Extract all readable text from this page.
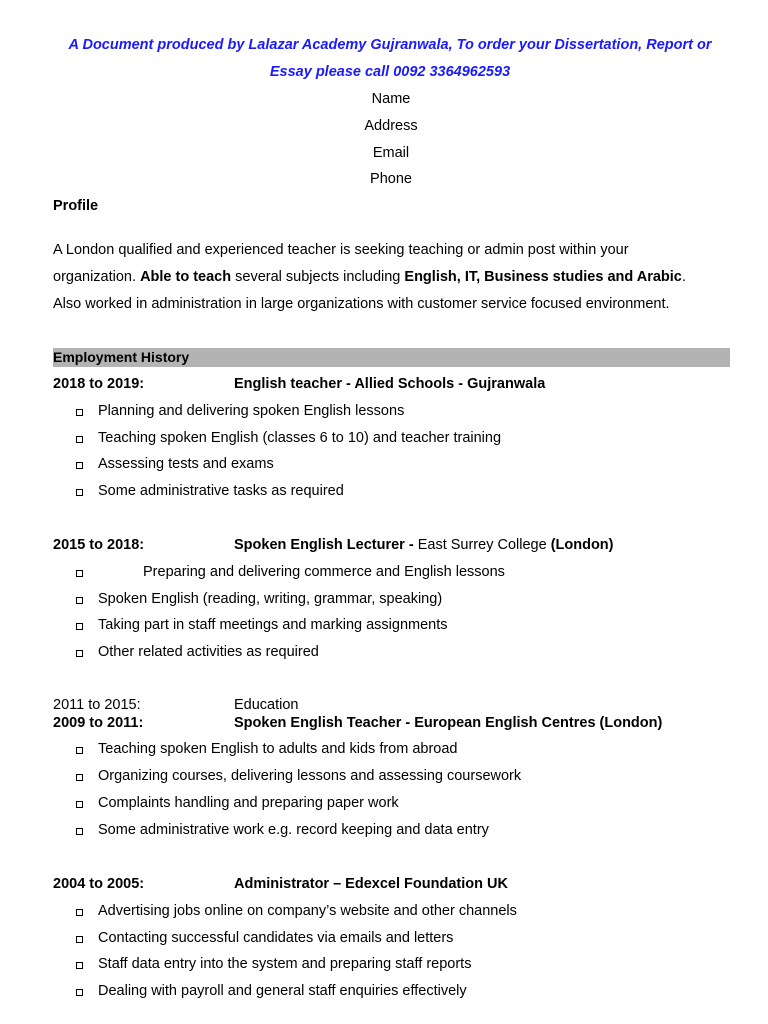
A Document produced by Lalazar Academy Gujranwala, To order your Dissertation, Report or
Essay please call 0092 3364962593
Name
Address
Email
Phone
Profile
A London qualified and experienced teacher is seeking teaching or admin post within your
organization. Able to teach several subjects including English, IT, Business studies and Arabic.
Also worked in administration in large organizations with customer service focused environment.
Employment History
2018 to 2019:	English teacher - Allied Schools - Gujranwala
Planning and delivering spoken English lessons
Teaching spoken English (classes 6 to 10) and teacher training
Assessing tests and exams
Some administrative tasks as required
2015 to 2018:	Spoken English Lecturer - East Surrey College (London)
Preparing and delivering commerce and English lessons
Spoken English (reading, writing, grammar, speaking)
Taking part in staff meetings and marking assignments
Other related activities as required
2011 to 2015:	Education
2009 to 2011:	Spoken English Teacher - European English Centres (London)
Teaching spoken English to adults and kids from abroad
Organizing courses, delivering lessons and assessing coursework
Complaints handling and preparing paper work
Some administrative work e.g. record keeping and data entry
2004 to 2005:	Administrator – Edexcel Foundation UK
Advertising jobs online on company’s website and other channels
Contacting successful candidates via emails and letters
Staff data entry into the system and preparing staff reports
Dealing with payroll and general staff enquiries effectively
